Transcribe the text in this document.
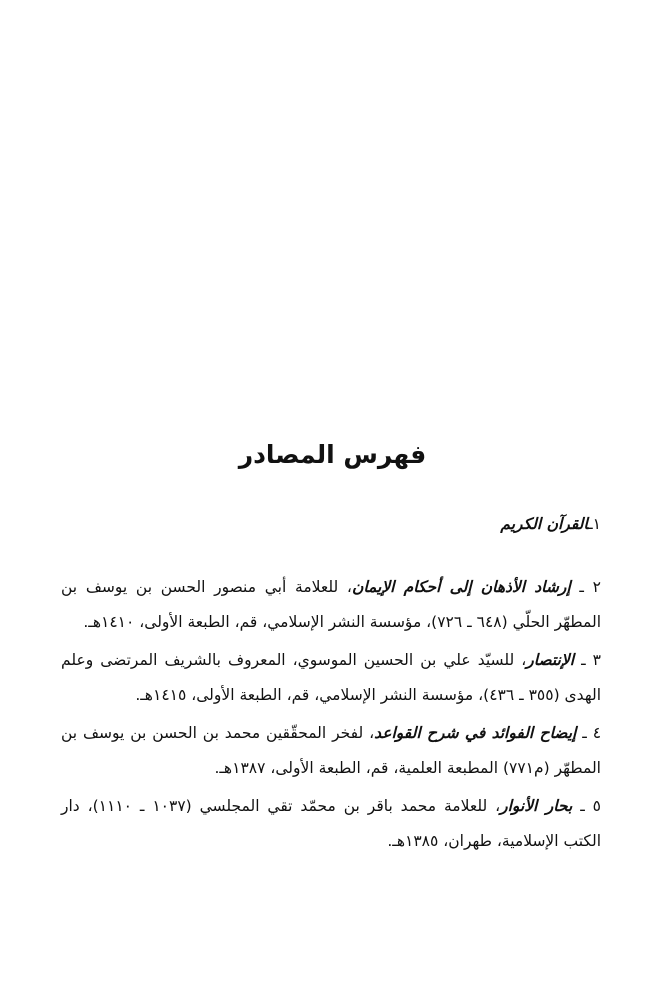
فهرس المصادر
١ـالقرآن الكريم
٢ ـ إرشاد الأذهان إلى أحكام الإيمان، للعلامة أبي منصور الحسن بن يوسف بن المطهّر الحلّي (٦٤٨ ـ ٧٢٦)، مؤسسة النشر الإسلامي، قم، الطبعة الأولى، ١٤١٠هـ.
٣ ـ الإنتصار، للسيّد علي بن الحسين الموسوي، المعروف بالشريف المرتضى وعلم الهدى (٣٥٥ ـ ٤٣٦)، مؤسسة النشر الإسلامي، قم، الطبعة الأولى، ١٤١٥هـ.
٤ ـ إيضاح الفوائد في شرح القواعد، لفخر المحقّقين محمد بن الحسن بن يوسف بن المطهّر (م٧٧١) المطبعة العلمية، قم، الطبعة الأولى، ١٣٨٧هـ.
٥ ـ بحار الأنوار، للعلامة محمد باقر بن محمّد تقي المجلسي (١٠٣٧ ـ ١١١٠)، دار الكتب الإسلامية، طهران، ١٣٨٥هـ.
